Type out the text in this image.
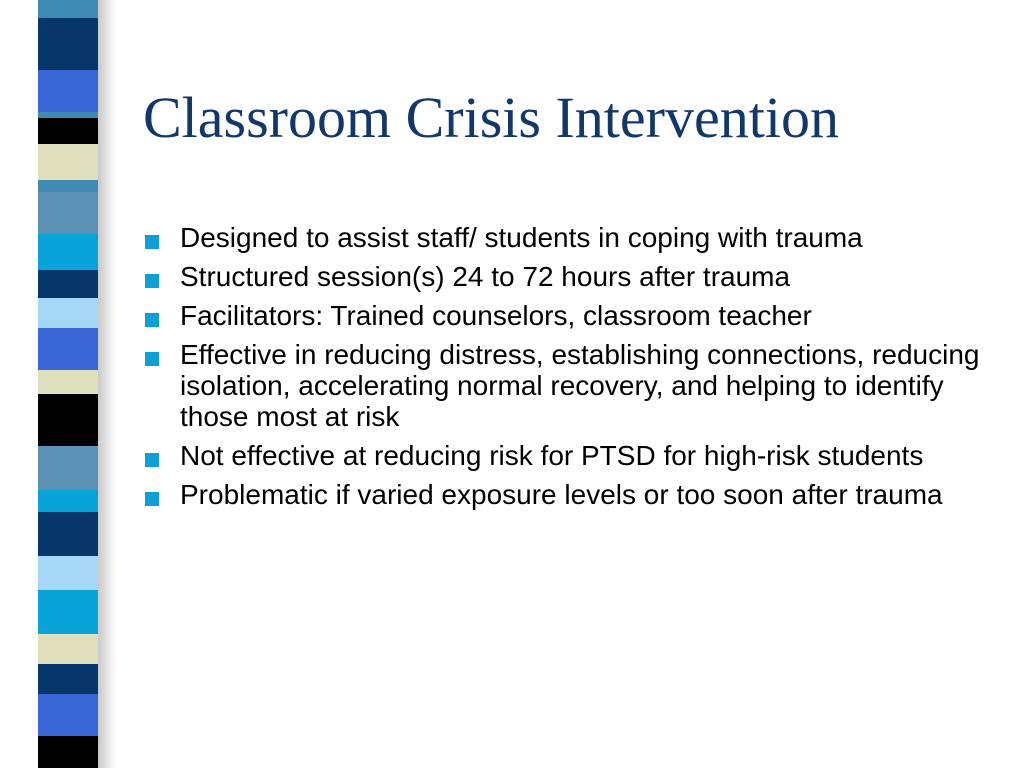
Classroom Crisis Intervention
Designed to assist staff/ students in coping with trauma
Structured session(s) 24 to 72 hours after trauma
Facilitators: Trained counselors, classroom teacher
Effective in reducing distress, establishing connections, reducing isolation, accelerating normal recovery, and helping to identify those most at risk
Not effective at reducing risk for PTSD for high-risk students
Problematic if varied exposure levels or too soon after trauma
